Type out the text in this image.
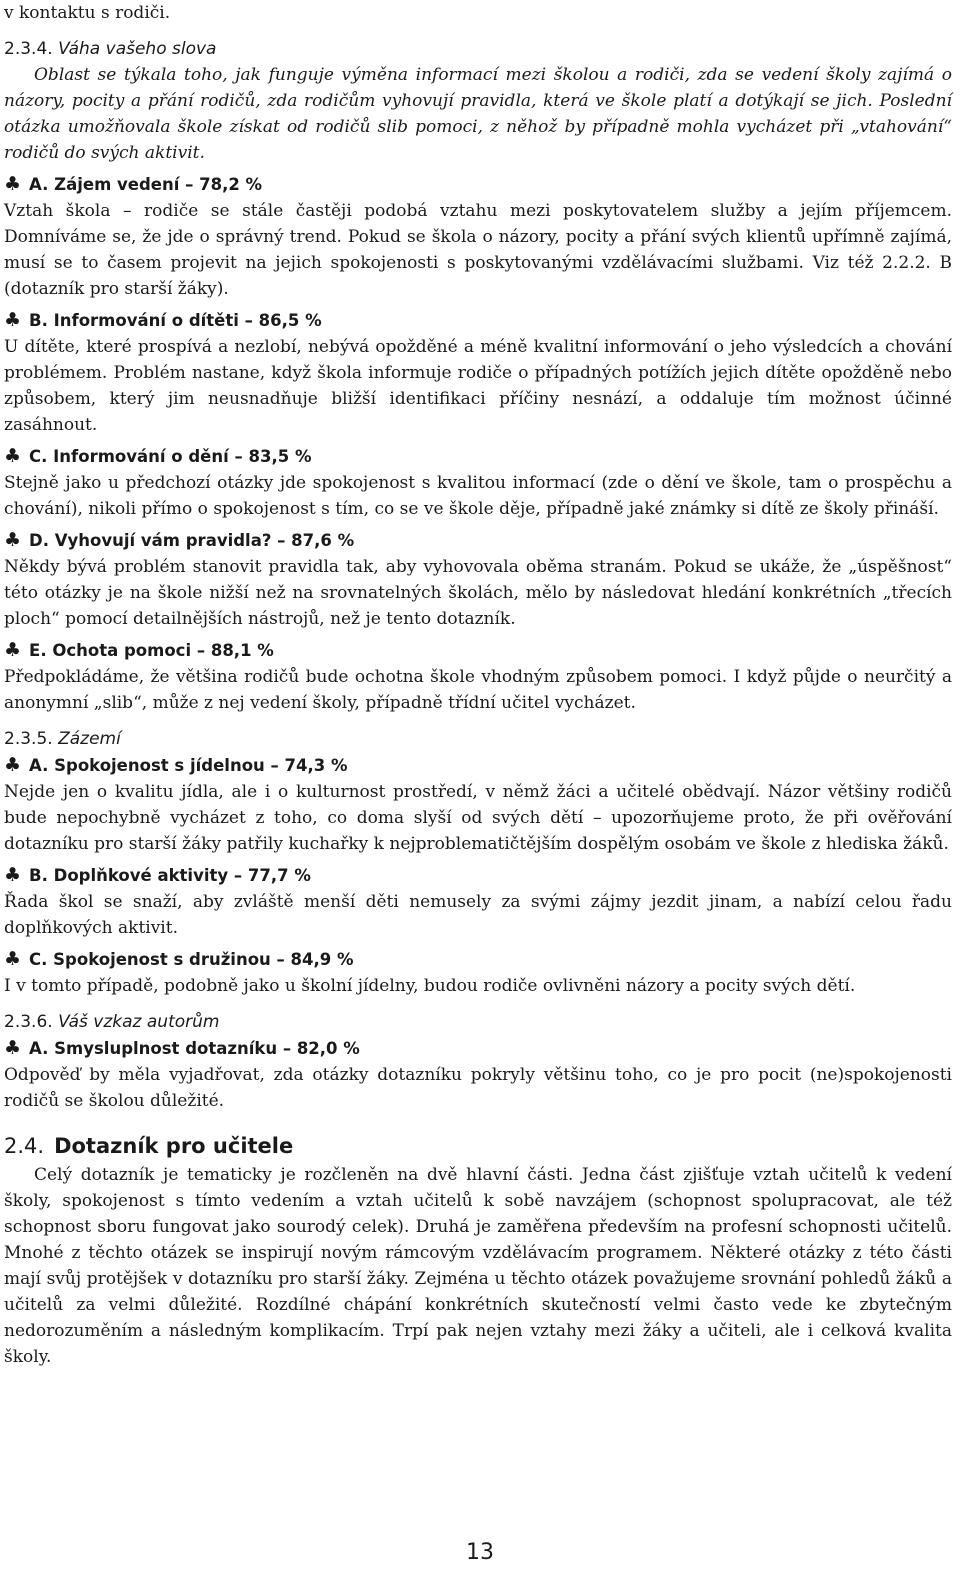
v kontaktu s rodiči.

2.3.4. Váha vašeho slova

Oblast se týkala toho, jak funguje výměna informací mezi školou a rodiči, zda se vedení školy zajímá o názory, pocity a přání rodičů, zda rodičům vyhovují pravidla, která ve škole platí a dotýkají se jich. Poslední otázka umožňovala škole získat od rodičů slib pomoci, z něhož by případně mohla vycházet při „vtahování“ rodičů do svých aktivit.

♣ A. Zájem vedení – 78,2 %

Vztah škola – rodiče se stále častěji podobá vztahu mezi poskytovatelem služby a jejím příjemcem. Domníváme se, že jde o správný trend. Pokud se škola o názory, pocity a přání svých klientů upřímně zajímá, musí se to časem projevit na jejich spokojenosti s poskytovanými vzdělávacími službami. Viz též 2.2.2. B (dotazník pro starší žáky).

♣ B. Informování o dítěti – 86,5 %

U dítěte, které prospívá a nezlobí, nebývá opožděné a méně kvalitní informování o jeho výsledcích a chování problémem. Problém nastane, když škola informuje rodiče o případných potížích jejich dítěte opožděně nebo způsobem, který jim neusnadňuje bližší identifikaci příčiny nesnází, a oddaluje tím možnost účinné zasáhnout.

♣ C. Informování o dění – 83,5 %

Stejně jako u předchozí otázky jde spokojenost s kvalitou informací (zde o dění ve škole, tam o prospěchu a chování), nikoli přímo o spokojenost s tím, co se ve škole děje, případně jaké známky si dítě ze školy přináší.

♣ D. Vyhovují vám pravidla? – 87,6 %

Někdy bývá problém stanovit pravidla tak, aby vyhovovala oběma stranám. Pokud se ukáže, že „úspěšnost“ této otázky je na škole nižší než na srovnatelných školách, mělo by následovat hledání konkrétních „třecích ploch“ pomocí detailnějších nástrojů, než je tento dotazník.

♣ E. Ochota pomoci – 88,1 %

Předpokládáme, že většina rodičů bude ochotna škole vhodným způsobem pomoci. I když půjde o neurčitý a anonymní „slib“, může z nej vedení školy, případně třídní učitel vycházet.

2.3.5. Zázemí
♣ A. Spokojenost s jídelnou – 74,3 %

Nejde jen o kvalitu jídla, ale i o kulturnost prostředí, v němž žáci a učitelé obědvají. Názor většiny rodičů bude nepochybně vycházet z toho, co doma slyší od svých dětí – upozorňujeme proto, že při ověřování dotazníku pro starší žáky patřily kuchařky k nejproblematičtějším dospělým osobám ve škole z hlediska žáků.

♣ B. Doplňkové aktivity – 77,7 %

Řada škol se snaží, aby zvláště menší děti nemusely za svými zájmy jezdit jinam, a nabízí celou řadu doplňkových aktivit.

♣ C. Spokojenost s družinou – 84,9 %

I v tomto případě, podobně jako u školní jídelny, budou rodiče ovlivněni názory a pocity svých dětí.

2.3.6. Váš vzkaz autorům
♣ A. Smysluplnost dotazníku – 82,0 %

Odpověď by měla vyjadřovat, zda otázky dotazníku pokryly většinu toho, co je pro pocit (ne)spokojenosti rodičů se školou důležité.

2.4. Dotazník pro učitele

Celý dotazník je tematicky je rozčleněn na dvě hlavní části. Jedna část zjišťuje vztah učitelů k vedení školy, spokojenost s tímto vedením a vztah učitelů k sobě navzájem (schopnost spolupracovat, ale též schopnost sboru fungovat jako sourodý celek). Druhá je zaměřena především na profesní schopnosti učitelů. Mnohé z těchto otázek se inspirují novým rámcovým vzdělávacím programem. Některé otázky z této části mají svůj protějšek v dotazníku pro starší žáky. Zejména u těchto otázek považujeme srovnání pohledů žáků a učitelů za velmi důležité. Rozdílné chápání konkrétních skutečností velmi často vede ke zbytečným nedorozuměním a následným komplikacím. Trpí pak nejen vztahy mezi žáky a učiteli, ale i celková kvalita školy.

13
